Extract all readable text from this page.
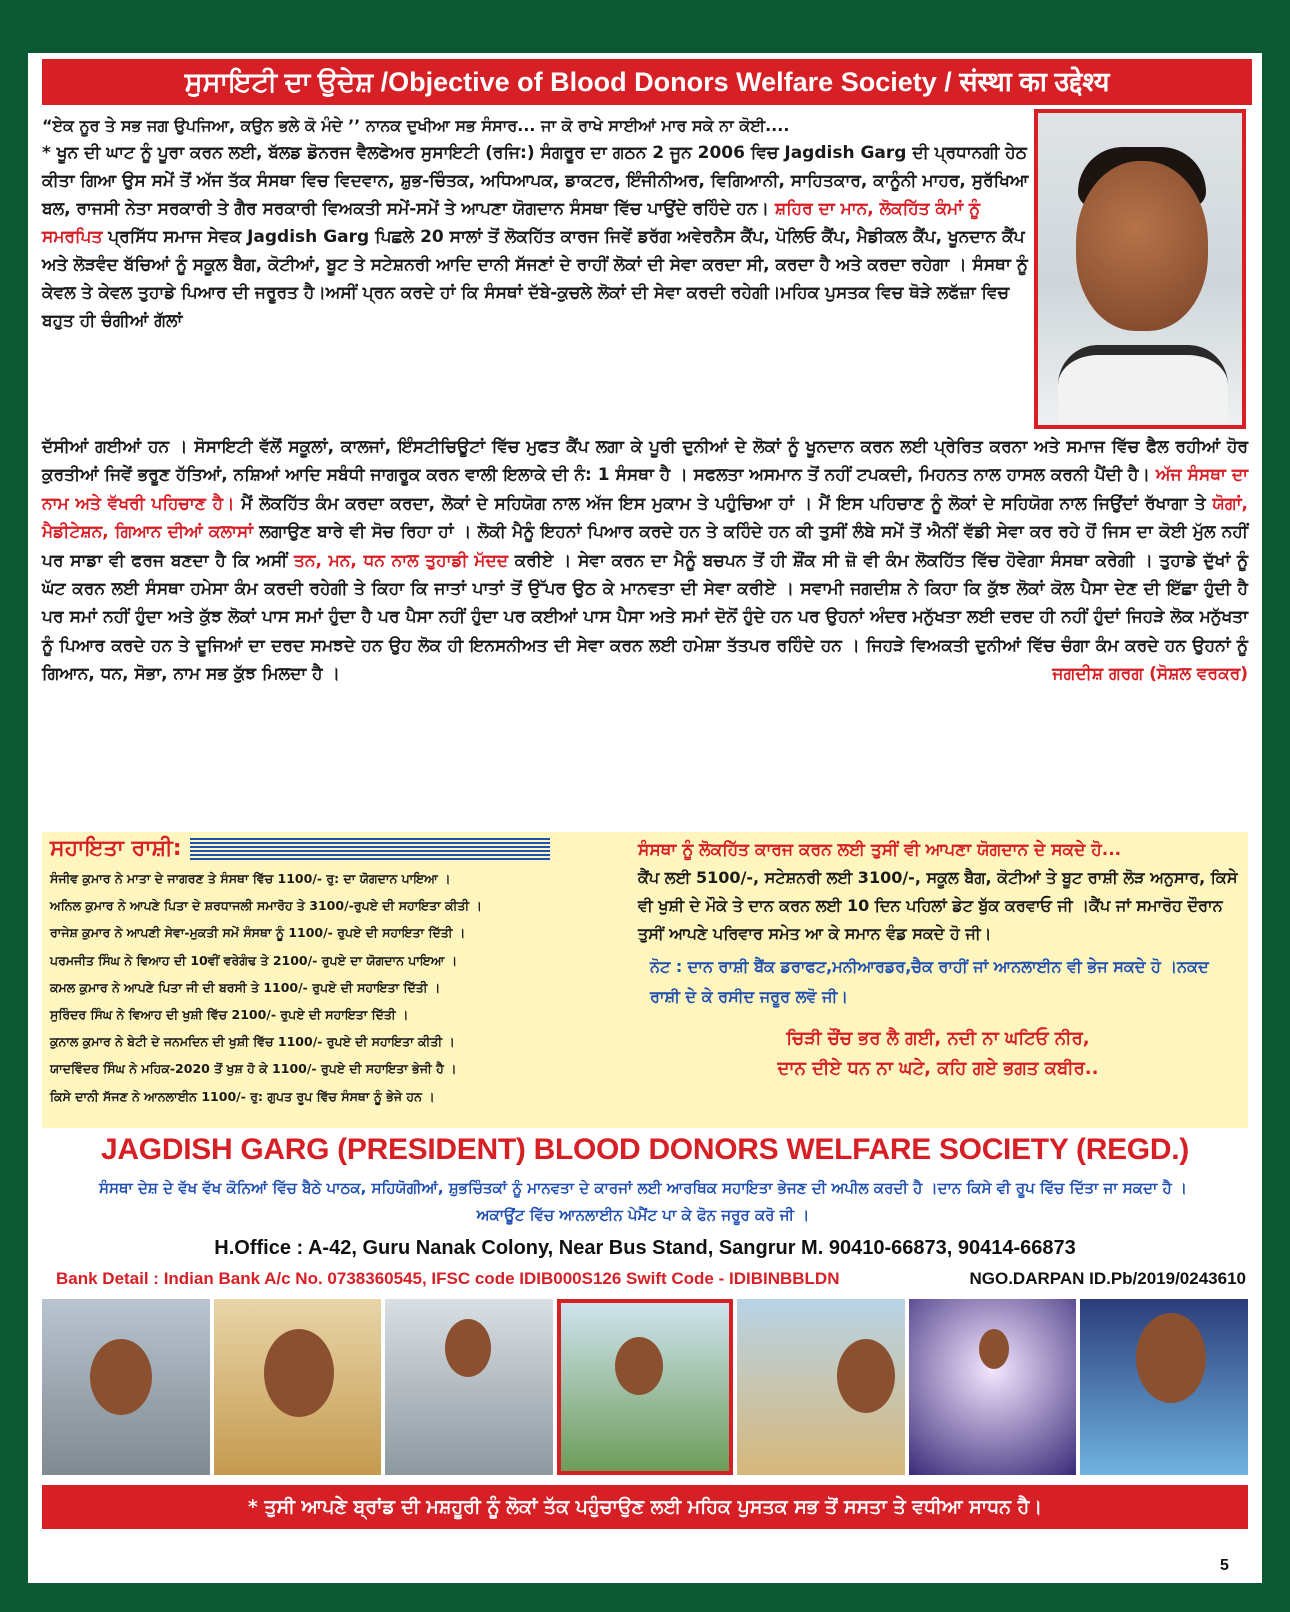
ਸੁਸਾਇਟੀ ਦਾ ਉਦੇਸ਼ /Objective of Blood Donors Welfare Society / संस्था का उद्देश्य

“ਏਕ ਨੂਰ ਤੇ ਸਭ ਜਗ ਉਪਜਿਆ, ਕਉਨ ਭਲੇ ਕੋ ਮੰਦੇ ’’ ਨਾਨਕ ਦੁਖੀਆ ਸਭ ਸੰਸਾਰ... ਜਾ ਕੋ ਰਾਖੇ ਸਾਈਆਂ ਮਾਰ ਸਕੇ ਨਾ ਕੋਈ....

* ਖੂਨ ਦੀ ਘਾਟ ਨੂੰ ਪੂਰਾ ਕਰਨ ਲਈ, ਬੱਲਡ ਡੋਨਰਜ ਵੈਲਫੇਅਰ ਸੁਸਾਇਟੀ (ਰਜਿ:) ਸੰਗਰੂਰ ਦਾ ਗਠਨ 2 ਜੂਨ 2006 ਵਿਚ Jagdish Garg ਦੀ ਪ੍ਰਧਾਨਗੀ ਹੇਠ ਕੀਤਾ ਗਿਆ ਉਸ ਸਮੇਂ ਤੋਂ ਅੱਜ ਤੱਕ ਸੰਸਥਾ ਵਿਚ ਵਿਦਵਾਨ, ਸ਼ੁਭ-ਚਿੰਤਕ, ਅਧਿਆਪਕ, ਡਾਕਟਰ, ਇੰਜੀਨੀਅਰ, ਵਿਗਿਆਨੀ, ਸਾਹਿਤਕਾਰ, ਕਾਨੂੰਨੀ ਮਾਹਰ, ਸੁਰੱਖਿਆ ਬਲ, ਰਾਜਸੀ ਨੇਤਾ ਸਰਕਾਰੀ ਤੇ ਗੈਰ ਸਰਕਾਰੀ ਵਿਅਕਤੀ ਸਮੇਂ-ਸਮੇਂ ਤੇ ਆਪਣਾ ਯੋਗਦਾਨ ਸੰਸਥਾ ਵਿੱਚ ਪਾਉਂਦੇ ਰਹਿੰਦੇ ਹਨ। ਸ਼ਹਿਰ ਦਾ ਮਾਨ, ਲੋਕਹਿੱਤ ਕੰਮਾਂ ਨੂੰ ਸਮਰਪਿਤ ਪ੍ਰਸਿੱਧ ਸਮਾਜ ਸੇਵਕ Jagdish Garg ਪਿਛਲੇ 20 ਸਾਲਾਂ ਤੋਂ ਲੋਕਹਿੱਤ ਕਾਰਜ ਜਿਵੇਂ ਡਰੱਗ ਅਵੇਰਨੈਸ ਕੈਂਪ, ਪੋਲਿਓ ਕੈਂਪ, ਮੈਡੀਕਲ ਕੈਂਪ, ਖੂਨਦਾਨ ਕੈਂਪ ਅਤੇ ਲੋੜਵੰਦ ਬੱਚਿਆਂ ਨੂੰ ਸਕੂਲ ਬੈਗ, ਕੋਟੀਆਂ, ਬੂਟ ਤੇ ਸਟੇਸ਼ਨਰੀ ਆਦਿ ਦਾਨੀ ਸੱਜਣਾਂ ਦੇ ਰਾਹੀਂ ਲੋਕਾਂ ਦੀ ਸੇਵਾ ਕਰਦਾ ਸੀ, ਕਰਦਾ ਹੈ ਅਤੇ ਕਰਦਾ ਰਹੇਗਾ । ਸੰਸਥਾ ਨੂੰ ਕੇਵਲ ਤੇ ਕੇਵਲ ਤੁਹਾਡੇ ਪਿਆਰ ਦੀ ਜਰੂਰਤ ਹੈ।ਅਸੀਂ ਪ੍ਰਨ ਕਰਦੇ ਹਾਂ ਕਿ ਸੰਸਥਾਂ ਦੱਬੇ-ਕੁਚਲੇ ਲੋਕਾਂ ਦੀ ਸੇਵਾ ਕਰਦੀ ਰਹੇਗੀ।ਮਹਿਕ ਪੁਸਤਕ ਵਿਚ ਥੋੜੇ ਲਫੱਜ਼ਾ ਵਿਚ ਬਹੁਤ ਹੀ ਚੰਗੀਆਂ ਗੱਲਾਂ

ਦੱਸੀਆਂ ਗਈਆਂ ਹਨ । ਸੋਸਾਇਟੀ ਵੱਲੋਂ ਸਕੂਲਾਂ, ਕਾਲਜਾਂ, ਇੰਸਟੀਚਿਊਟਾਂ ਵਿੱਚ ਮੁਫਤ ਕੈਂਪ ਲਗਾ ਕੇ ਪੂਰੀ ਦੁਨੀਆਂ ਦੇ ਲੋਕਾਂ ਨੂੰ ਖੂਨਦਾਨ ਕਰਨ ਲਈ ਪ੍ਰੇਰਿਤ ਕਰਨਾ ਅਤੇ ਸਮਾਜ ਵਿੱਚ ਫੈਲ ਰਹੀਆਂ ਹੋਰ ਕੁਰਤੀਆਂ ਜਿਵੇਂ ਭਰੂਣ ਹੱਤਿਆਂ, ਨਸ਼ਿਆਂ ਆਦਿ ਸਬੰਧੀ ਜਾਗਰੂਕ ਕਰਨ ਵਾਲੀ ਇਲਾਕੇ ਦੀ ਨੰ: 1 ਸੰਸਥਾ ਹੈ । ਸਫਲਤਾ ਅਸਮਾਨ ਤੋਂ ਨਹੀਂ ਟਪਕਦੀ, ਮਿਹਨਤ ਨਾਲ ਹਾਸਲ ਕਰਨੀ ਪੈਂਦੀ ਹੈ। ਅੱਜ ਸੰਸਥਾ ਦਾ ਨਾਮ ਅਤੇ ਵੱਖਰੀ ਪਹਿਚਾਣ ਹੈ। ਮੈਂ ਲੋਕਹਿੱਤ ਕੰਮ ਕਰਦਾ ਕਰਦਾ, ਲੋਕਾਂ ਦੇ ਸਹਿਯੋਗ ਨਾਲ ਅੱਜ ਇਸ ਮੁਕਾਮ ਤੇ ਪਹੁੰਚਿਆ ਹਾਂ । ਮੈਂ ਇਸ ਪਹਿਚਾਣ ਨੂੰ ਲੋਕਾਂ ਦੇ ਸਹਿਯੋਗ ਨਾਲ ਜਿਉਂਦਾਂ ਰੱਖਾਗਾ ਤੇ ਯੋਗਾਂ, ਮੈਡੀਟੇਸ਼ਨ, ਗਿਆਨ ਦੀਆਂ ਕਲਾਸਾਂ ਲਗਾਉਣ ਬਾਰੇ ਵੀ ਸੋਚ ਰਿਹਾ ਹਾਂ । ਲੋਕੀ ਮੈਨੂੰ ਇਹਨਾਂ ਪਿਆਰ ਕਰਦੇ ਹਨ ਤੇ ਕਹਿੰਦੇ ਹਨ ਕੀ ਤੁਸੀਂ ਲੰਬੇ ਸਮੇਂ ਤੋਂ ਐਨੀਂ ਵੱਡੀ ਸੇਵਾ ਕਰ ਰਹੇ ਹੋਂ ਜਿਸ ਦਾ ਕੋਈ ਮੁੱਲ ਨਹੀਂ ਪਰ ਸਾਡਾ ਵੀ ਫਰਜ ਬਣਦਾ ਹੈ ਕਿ ਅਸੀਂ ਤਨ, ਮਨ, ਧਨ ਨਾਲ ਤੁਹਾਡੀ ਮੱਦਦ ਕਰੀਏ । ਸੇਵਾ ਕਰਨ ਦਾ ਮੈਨੂੰ ਬਚਪਨ ਤੋਂ ਹੀ ਸ਼ੌਂਕ ਸੀ ਜ਼ੋ ਵੀ ਕੰਮ ਲੋਕਹਿੱਤ ਵਿੱਚ ਹੋਵੇਗਾ ਸੰਸਥਾ ਕਰੇਗੀ । ਤੁਹਾਡੇ ਦੁੱਖਾਂ ਨੂੰ ਘੱਟ ਕਰਨ ਲਈ ਸੰਸਥਾ ਹਮੇਸਾ ਕੰਮ ਕਰਦੀ ਰਹੇਗੀ ਤੇ ਕਿਹਾ ਕਿ ਜਾਤਾਂ ਪਾਤਾਂ ਤੋਂ ਉੱਪਰ ਉਠ ਕੇ ਮਾਨਵਤਾ ਦੀ ਸੇਵਾ ਕਰੀਏ । ਸਵਾਮੀ ਜਗਦੀਸ਼ ਨੇ ਕਿਹਾ ਕਿ ਕੁੱਝ ਲੋਕਾਂ ਕੋਲ ਪੈਸਾ ਦੇਣ ਦੀ ਇੱਛਾ ਹੁੰਦੀ ਹੈ ਪਰ ਸਮਾਂ ਨਹੀਂ ਹੁੰਦਾ ਅਤੇ ਕੁੱਝ ਲੋਕਾਂ ਪਾਸ ਸਮਾਂ ਹੁੰਦਾ ਹੈ ਪਰ ਪੈਸਾ ਨਹੀਂ ਹੁੰਦਾ ਪਰ ਕਈਆਂ ਪਾਸ ਪੈਸਾ ਅਤੇ ਸਮਾਂ ਦੋਨੋਂ ਹੁੰਦੇ ਹਨ ਪਰ ਉਹਨਾਂ ਅੰਦਰ ਮਨੁੱਖਤਾ ਲਈ ਦਰਦ ਹੀ ਨਹੀਂ ਹੁੰਦਾਂ ਜਿਹੜੇ ਲੋਕ ਮਨੁੱਖਤਾ ਨੂੰ ਪਿਆਰ ਕਰਦੇ ਹਨ ਤੇ ਦੂਜਿਆਂ ਦਾ ਦਰਦ ਸਮਝਦੇ ਹਨ ਉਹ ਲੋਕ ਹੀ ਇਨਸਨੀਅਤ ਦੀ ਸੇਵਾ ਕਰਨ ਲਈ ਹਮੇਸ਼ਾ ਤੱਤਪਰ ਰਹਿੰਦੇ ਹਨ । ਜਿਹੜੇ ਵਿਅਕਤੀ ਦੁਨੀਆਂ ਵਿੱਚ ਚੰਗਾ ਕੰਮ ਕਰਦੇ ਹਨ ਉਹਨਾਂ ਨੂੰ ਗਿਆਨ, ਧਨ, ਸੋਭਾ, ਨਾਮ ਸਭ ਕੁੱਝ ਮਿਲਦਾ ਹੈ ।	ਜਗਦੀਸ਼ ਗਰਗ (ਸੋਸ਼ਲ ਵਰਕਰ)
ਸਹਾਇਤਾ ਰਾਸ਼ੀ:
ਸੰਜੀਵ ਕੁਮਾਰ ਨੇ ਮਾਤਾ ਦੇ ਜਾਗਰਣ ਤੇ ਸੰਸਥਾ ਵਿੱਚ 1100/- ਰੁ: ਦਾ ਯੋਗਦਾਨ ਪਾਇਆ ।
ਅਨਿਲ ਕੁਮਾਰ ਨੇ ਆਪਣੇ ਪਿਤਾ ਦੇ ਸ਼ਰਧਾਜਲੀ ਸਮਾਰੋਹ ਤੇ 3100/-ਰੁਪਏ ਦੀ ਸਹਾਇਤਾ ਕੀਤੀ ।
ਰਾਜੇਸ਼ ਕੁਮਾਰ ਨੇ ਆਪਣੀ ਸੇਵਾ-ਮੁਕਤੀ ਸਮੇਂ ਸੰਸਥਾ ਨੂੰ 1100/- ਰੁਪਏ ਦੀ ਸਹਾਇਤਾ ਦਿੱਤੀ ।
ਪਰਮਜੀਤ ਸਿੰਘ ਨੇ ਵਿਆਹ ਦੀ 10ਵੀਂ ਵਰੇਗੰਢ ਤੇ 2100/- ਰੁਪਏ ਦਾ ਯੋਗਦਾਨ ਪਾਇਆ ।
ਕਮਲ ਕੁਮਾਰ ਨੇ ਆਪਣੇ ਪਿਤਾ ਜੀ ਦੀ ਬਰਸੀ ਤੇ 1100/- ਰੁਪਏ ਦੀ ਸਹਾਇਤਾ ਦਿੱਤੀ ।
ਸੁਰਿੰਦਰ ਸਿੰਘ ਨੇ ਵਿਆਹ ਦੀ ਖੁਸ਼ੀ ਵਿੱਚ 2100/- ਰੁਪਏ ਦੀ ਸਹਾਇਤਾ ਦਿੱਤੀ ।
ਕੁਨਾਲ ਕੁਮਾਰ ਨੇ ਬੇਟੀ ਦੇ ਜਨਮਦਿਨ ਦੀ ਖੁਸ਼ੀ ਵਿੱਚ 1100/- ਰੁਪਏ ਦੀ ਸਹਾਇਤਾ ਕੀਤੀ ।
ਯਾਦਵਿੰਦਰ ਸਿੰਘ ਨੇ ਮਹਿਕ-2020 ਤੋਂ ਖੁਸ਼ ਹੋ ਕੇ 1100/- ਰੁਪਏ ਦੀ ਸਹਾਇਤਾ ਭੇਜੀ ਹੈ ।
ਕਿਸੇ ਦਾਨੀ ਸੱਜਣ ਨੇ ਆਨਲਾਈਨ 1100/- ਰੁ: ਗੁਪਤ ਰੂਪ ਵਿੱਚ ਸੰਸਥਾ ਨੂੰ ਭੇਜੇ ਹਨ ।

ਸੰਸਥਾ ਨੂੰ ਲੋਕਹਿੱਤ ਕਾਰਜ ਕਰਨ ਲਈ ਤੁਸੀਂ ਵੀ ਆਪਣਾ ਯੋਗਦਾਨ ਦੇ ਸਕਦੇ ਹੋ...

ਕੈਂਪ ਲਈ 5100/-, ਸਟੇਸ਼ਨਰੀ ਲਈ 3100/-, ਸਕੂਲ ਬੈਗ, ਕੋਟੀਆਂ ਤੇ ਬੂਟ ਰਾਸ਼ੀ ਲੋੜ ਅਨੁਸਾਰ, ਕਿਸੇ ਵੀ ਖੁਸ਼ੀ ਦੇ ਮੌਕੇ ਤੇ ਦਾਨ ਕਰਨ ਲਈ 10 ਦਿਨ ਪਹਿਲਾਂ ਡੇਟ ਬੁੱਕ ਕਰਵਾਓ ਜੀ ।ਕੈਂਪ ਜਾਂ ਸਮਾਰੋਹ ਦੌਰਾਨ ਤੁਸੀਂ ਆਪਣੇ ਪਰਿਵਾਰ ਸਮੇਤ ਆ ਕੇ ਸਮਾਨ ਵੰਡ ਸਕਦੇ ਹੋ ਜੀ।

ਨੋਟ : ਦਾਨ ਰਾਸ਼ੀ ਬੈਂਕ ਡਰਾਫਟ,ਮਨੀਆਰਡਰ,ਚੈਕ ਰਾਹੀਂ ਜਾਂ ਆਨਲਾਈਨ ਵੀ ਭੇਜ ਸਕਦੇ ਹੋ ।ਨਕਦ ਰਾਸ਼ੀ ਦੇ ਕੇ ਰਸੀਦ ਜਰੂਰ ਲਵੋ ਜੀ।

ਚਿੜੀ ਚੌਂਚ ਭਰ ਲੈ ਗਈ, ਨਦੀ ਨਾ ਘਟਿਓ ਨੀਰ,

ਦਾਨ ਦੀਏ ਧਨ ਨਾ ਘਟੇ, ਕਹਿ ਗਏ ਭਗਤ ਕਬੀਰ..

JAGDISH GARG (PRESIDENT) BLOOD DONORS WELFARE SOCIETY (REGD.)
ਸੰਸਥਾ ਦੇਸ਼ ਦੇ ਵੱਖ ਵੱਖ ਕੋਨਿਆਂ ਵਿੱਚ ਬੈਠੇ ਪਾਠਕ, ਸਹਿਯੋਗੀਆਂ, ਸ਼ੁਭਚਿੰਤਕਾਂ ਨੂੰ ਮਾਨਵਤਾ ਦੇ ਕਾਰਜਾਂ ਲਈ ਆਰਥਿਕ ਸਹਾਇਤਾ ਭੇਜਣ ਦੀ ਅਪੀਲ ਕਰਦੀ ਹੈ ।ਦਾਨ ਕਿਸੇ ਵੀ ਰੂਪ ਵਿੱਚ ਦਿੱਤਾ ਜਾ ਸਕਦਾ ਹੈ ।ਅਕਾਊਂਟ ਵਿੱਚ ਆਨਲਾਈਨ ਪੇਮੈਂਟ ਪਾ ਕੇ ਫੋਨ ਜਰੂਰ ਕਰੋ ਜੀ ।
H.Office : A-42, Guru Nanak Colony, Near Bus Stand, Sangrur M. 90410-66873, 90414-66873
Bank Detail : Indian Bank A/c No. 0738360545, IFSC code IDIB000S126 Swift Code - IDIBINBBLDN	NGO.DARPAN ID.Pb/2019/0243610
* ਤੁਸੀ ਆਪਣੇ ਬ੍ਰਾਂਡ ਦੀ ਮਸ਼ਹੂਰੀ ਨੂੰ ਲੋਕਾਂ ਤੱਕ ਪਹੁੰਚਾਉਣ ਲਈ ਮਹਿਕ ਪੁਸਤਕ ਸਭ ਤੋਂ ਸਸਤਾ ਤੇ ਵਧੀਆ ਸਾਧਨ ਹੈ।
5
